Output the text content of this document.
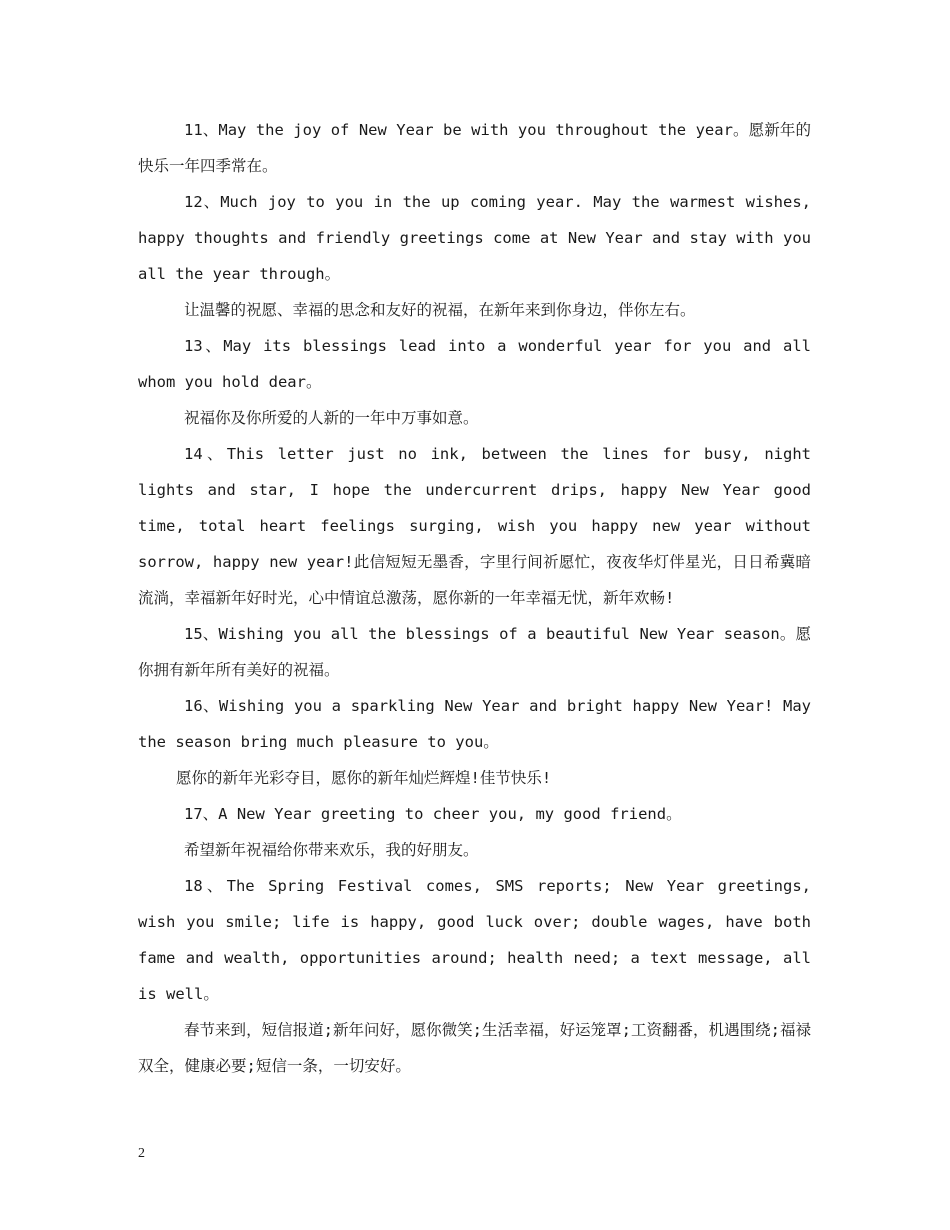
11、May the joy of New Year be with you throughout the year。愿新年的快乐一年四季常在。

12、Much joy to you in the up coming year. May the warmest wishes, happy thoughts and friendly greetings come at New Year and stay with you all the year through。

让温馨的祝愿、幸福的思念和友好的祝福，在新年来到你身边，伴你左右。

13、May its blessings lead into a wonderful year for you and all whom you hold dear。

祝福你及你所爱的人新的一年中万事如意。

14、This letter just no ink, between the lines for busy, night lights and star, I hope the undercurrent drips, happy New Year good time, total heart feelings surging, wish you happy new year without sorrow, happy new year!此信短短无墨香，字里行间祈愿忙，夜夜华灯伴星光，日日希冀暗流淌，幸福新年好时光，心中情谊总激荡，愿你新的一年幸福无忧，新年欢畅!

15、Wishing you all the blessings of a beautiful New Year season。愿你拥有新年所有美好的祝福。

16、Wishing you a sparkling New Year and bright happy New Year! May the season bring much pleasure to you。

愿你的新年光彩夺目，愿你的新年灿烂辉煌!佳节快乐!

17、A New Year greeting to cheer you, my good friend。

希望新年祝福给你带来欢乐，我的好朋友。

18、The Spring Festival comes, SMS reports; New Year greetings, wish you smile; life is happy, good luck over; double wages, have both fame and wealth, opportunities around; health need; a text message, all is well。

春节来到，短信报道;新年问好，愿你微笑;生活幸福，好运笼罩;工资翻番，机遇围绕;福禄双全，健康必要;短信一条，一切安好。

2
